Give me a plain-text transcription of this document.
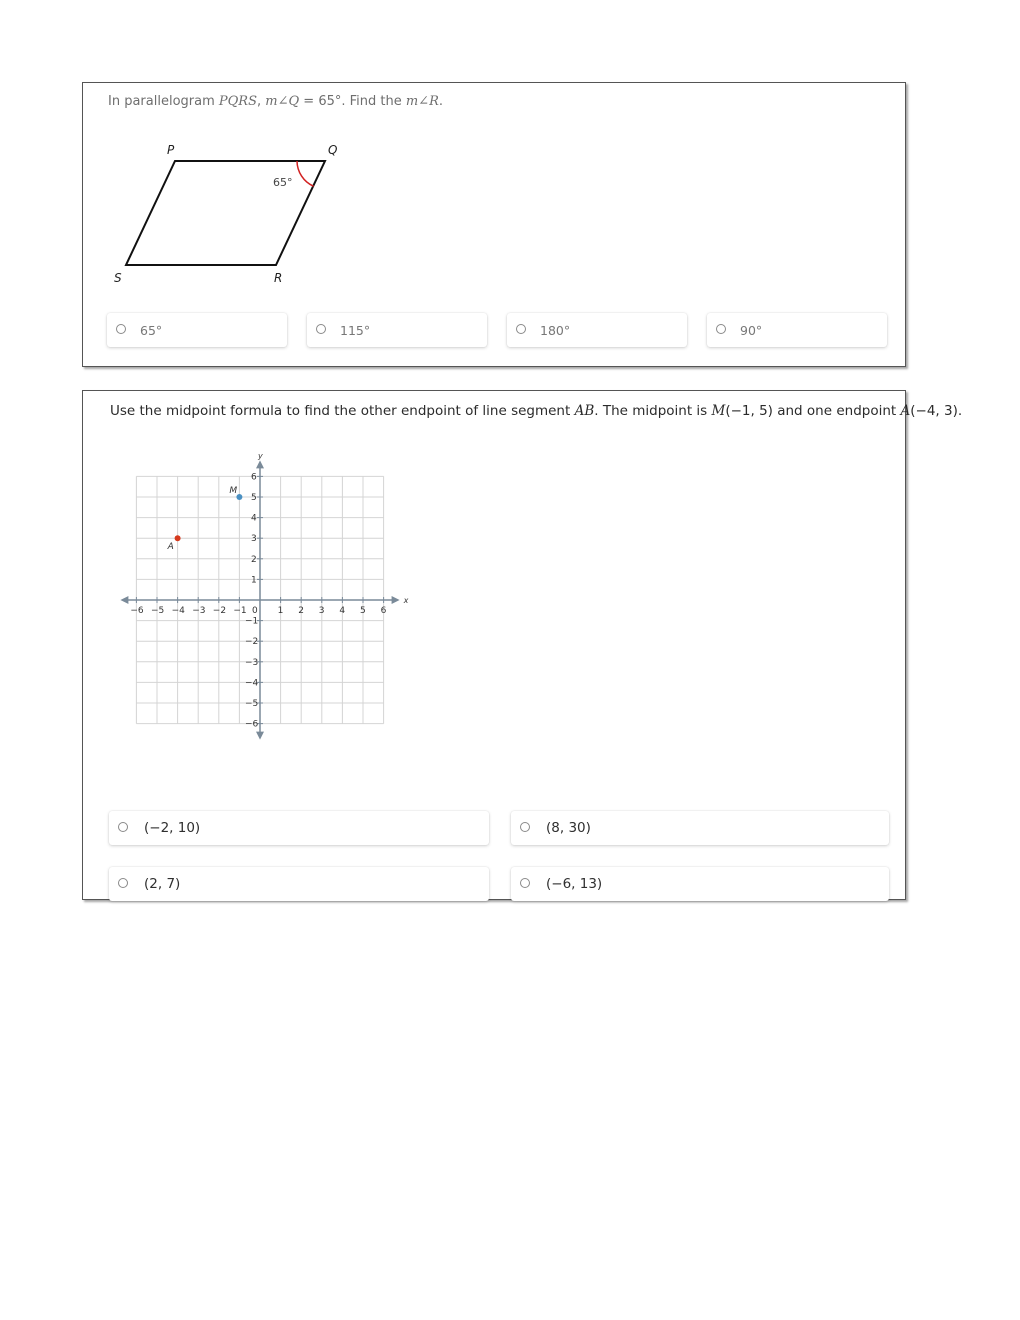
In parallelogram PQRS, m∠Q = 65°. Find the m∠R.
P	Q
R
S
65°
65°	115°	180°	90°
Use the midpoint formula to find the other endpoint of line segment AB. The midpoint is M(−1, 5) and one endpoint A(−4, 3).
x
y
−6 −5 −4 −3 −2 −1 0 1 2 3 4 5 6
−6
−5
−4
−3
−2
−1
1
2
3
4
5
6
M
A
(−2, 10)	(8, 30)
(2, 7)	(−6, 13)
